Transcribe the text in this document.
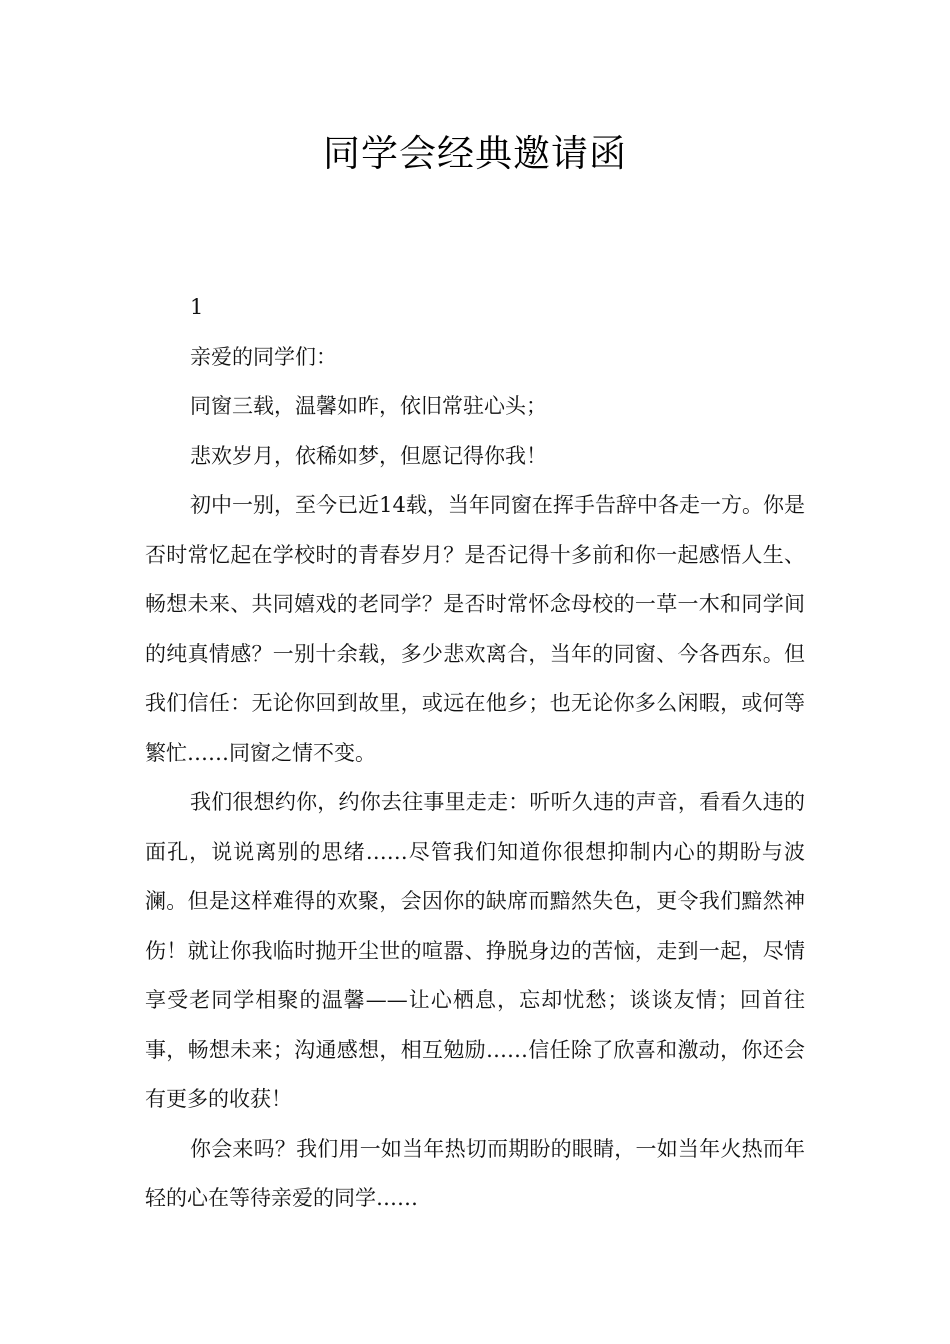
同学会经典邀请函

1

亲爱的同学们：

同窗三载，温馨如昨，依旧常驻心头；

悲欢岁月，依稀如梦，但愿记得你我！

初中一别，至今已近14载，当年同窗在挥手告辞中各走一方。你是否时常忆起在学校时的青春岁月？是否记得十多前和你一起感悟人生、畅想未来、共同嬉戏的老同学？是否时常怀念母校的一草一木和同学间的纯真情感？一别十余载，多少悲欢离合，当年的同窗、今各西东。但我们信任：无论你回到故里，或远在他乡；也无论你多么闲暇，或何等繁忙……同窗之情不变。

我们很想约你，约你去往事里走走：听听久违的声音，看看久违的面孔，说说离别的思绪……尽管我们知道你很想抑制内心的期盼与波澜。但是这样难得的欢聚，会因你的缺席而黯然失色，更令我们黯然神伤！就让你我临时抛开尘世的喧嚣、挣脱身边的苦恼，走到一起，尽情享受老同学相聚的温馨——让心栖息，忘却忧愁；谈谈友情；回首往事，畅想未来；沟通感想，相互勉励……信任除了欣喜和激动，你还会有更多的收获！

你会来吗？我们用一如当年热切而期盼的眼睛，一如当年火热而年轻的心在等待亲爱的同学……
